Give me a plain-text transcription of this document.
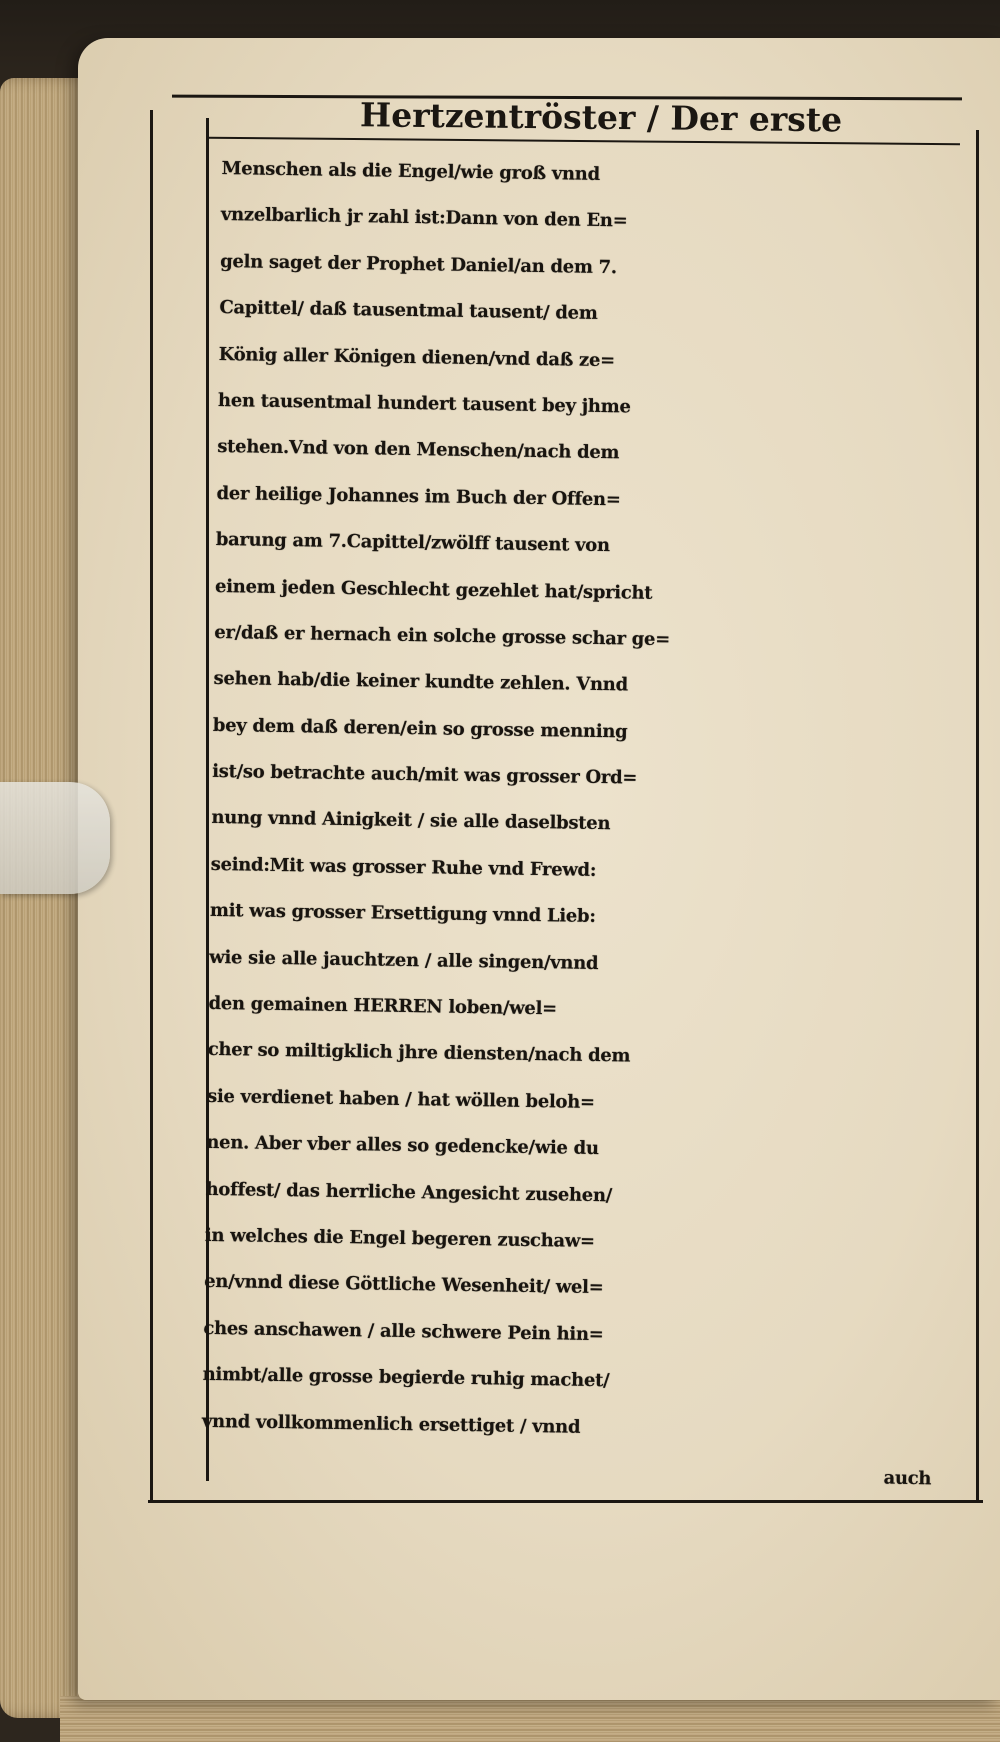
Hertzentröster / Der erste
Menschen als die Engel/wie groß vnnd
vnzelbarlich jr zahl ist:Dann von den En=
geln saget der Prophet Daniel/an dem 7.
Capittel/ daß tausentmal tausent/ dem
König aller Königen dienen/vnd daß ze=
hen tausentmal hundert tausent bey jhme
stehen.Vnd von den Menschen/nach dem
der heilige Johannes im Buch der Offen=
barung am 7.Capittel/zwölff tausent von
einem jeden Geschlecht gezehlet hat/spricht
er/daß er hernach ein solche grosse schar ge=
sehen hab/die keiner kundte zehlen. Vnnd
bey dem daß deren/ein so grosse menning
ist/so betrachte auch/mit was grosser Ord=
nung vnnd Ainigkeit / sie alle daselbsten
seind:Mit was grosser Ruhe vnd Frewd:
mit was grosser Ersettigung vnnd Lieb:
wie sie alle jauchtzen / alle singen/vnnd
den gemainen HERREN loben/wel=
cher so miltigklich jhre diensten/nach dem
sie verdienet haben / hat wöllen beloh=
nen. Aber vber alles so gedencke/wie du
hoffest/ das herrliche Angesicht zusehen/
in welches die Engel begeren zuschaw=
en/vnnd diese Göttliche Wesenheit/ wel=
ches anschawen / alle schwere Pein hin=
nimbt/alle grosse begierde ruhig machet/
vnnd vollkommenlich ersettiget / vnnd
auch
